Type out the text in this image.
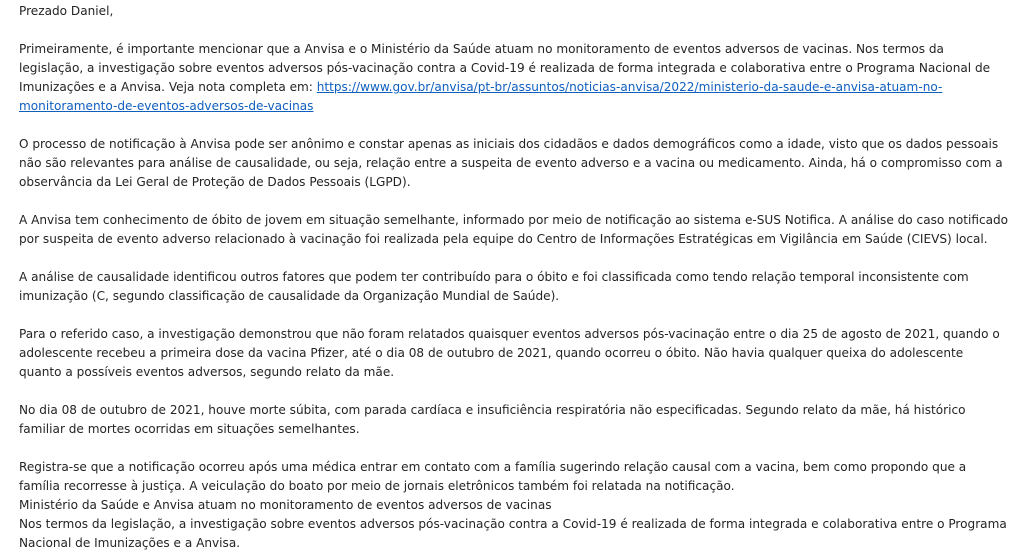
Prezado Daniel,

Primeiramente, é importante mencionar que a Anvisa e o Ministério da Saúde atuam no monitoramento de eventos adversos de vacinas. Nos termos da legislação, a investigação sobre eventos adversos pós-vacinação contra a Covid-19 é realizada de forma integrada e colaborativa entre o Programa Nacional de Imunizações e a Anvisa. Veja nota completa em: https://www.gov.br/anvisa/pt-br/assuntos/noticias-anvisa/2022/ministerio-da-saude-e-anvisa-atuam-no-monitoramento-de-eventos-adversos-de-vacinas

O processo de notificação à Anvisa pode ser anônimo e constar apenas as iniciais dos cidadãos e dados demográficos como a idade, visto que os dados pessoais não são relevantes para análise de causalidade, ou seja, relação entre a suspeita de evento adverso e a vacina ou medicamento. Ainda, há o compromisso com a observância da Lei Geral de Proteção de Dados Pessoais (LGPD).

A Anvisa tem conhecimento de óbito de jovem em situação semelhante, informado por meio de notificação ao sistema e-SUS Notifica. A análise do caso notificado por suspeita de evento adverso relacionado à vacinação foi realizada pela equipe do Centro de Informações Estratégicas em Vigilância em Saúde (CIEVS) local.

A análise de causalidade identificou outros fatores que podem ter contribuído para o óbito e foi classificada como tendo relação temporal inconsistente com imunização (C, segundo classificação de causalidade da Organização Mundial de Saúde).

Para o referido caso, a investigação demonstrou que não foram relatados quaisquer eventos adversos pós-vacinação entre o dia 25 de agosto de 2021, quando o adolescente recebeu a primeira dose da vacina Pfizer, até o dia 08 de outubro de 2021, quando ocorreu o óbito. Não havia qualquer queixa do adolescente quanto a possíveis eventos adversos, segundo relato da mãe.

No dia 08 de outubro de 2021, houve morte súbita, com parada cardíaca e insuficiência respiratória não especificadas. Segundo relato da mãe, há histórico familiar de mortes ocorridas em situações semelhantes.

Registra-se que a notificação ocorreu após uma médica entrar em contato com a família sugerindo relação causal com a vacina, bem como propondo que a família recorresse à justiça. A veiculação do boato por meio de jornais eletrônicos também foi relatada na notificação.

Ministério da Saúde e Anvisa atuam no monitoramento de eventos adversos de vacinas

Nos termos da legislação, a investigação sobre eventos adversos pós-vacinação contra a Covid-19 é realizada de forma integrada e colaborativa entre o Programa Nacional de Imunizações e a Anvisa.
